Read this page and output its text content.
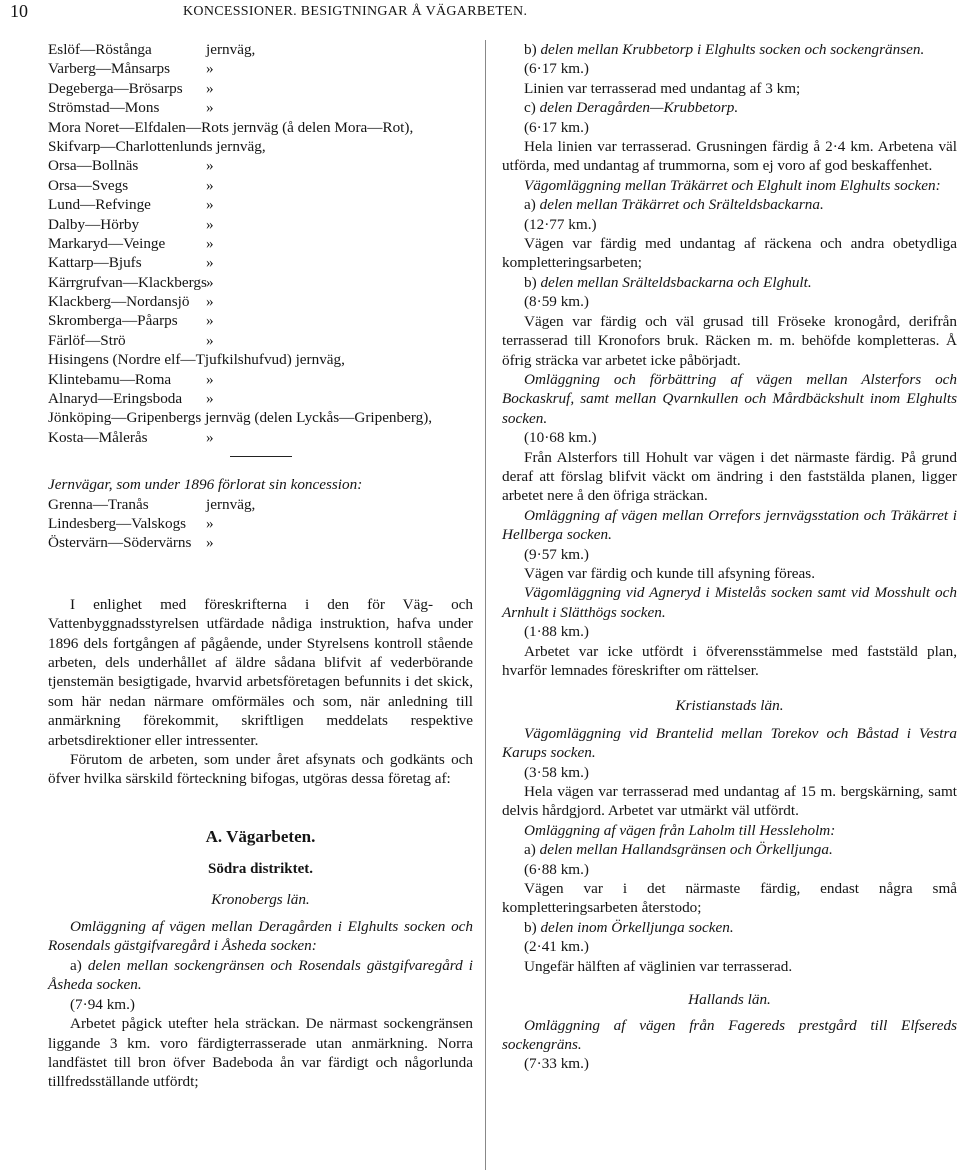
10	KONCESSIONER. BESIGTNINGAR Å VÄGARBETEN.
Eslöf—Röstånga	jernväg,
Varberg—Månsarps »
Degeberga—Brösarps »
Strömstad—Mons	»
Mora Noret—Elfdalen—Rots jernväg (å delen Mora—Rot),
Skifvarp—Charlottenlunds jernväg,
Orsa—Bollnäs	»
Orsa—Svegs	»
Lund—Refvinge	»
Dalby—Hörby	»
Markaryd—Veinge	»
Kattarp—Bjufs	»
Kärrgrufvan—Klackbergs»
Klackberg—Nordansjö »
Skromberga—Påarps »
Färlöf—Strö	»
Hisingens (Nordre elf—Tjufkilshufvud) jernväg,
Klintebamu—Roma »
Alnaryd—Eringsboda »
Jönköping—Gripenbergs jernväg (delen Lyckås—Gripenberg),
Kosta—Målerås	»

Jernvägar, som under 1896 förlorat sin koncession:

Grenna—Tranås	jernväg,
Lindesberg—Valskogs »
Östervärn—Södervärns »

I enlighet med föreskrifterna i den för Väg- och Vattenbyggnadsstyrelsen utfärdade nådiga instruktion, hafva under 1896 dels fortgången af pågående, under Styrelsens kontroll stående arbeten, dels underhållet af äldre sådana blifvit af vederbörande tjenstemän besigtigade, hvarvid arbetsföretagen befunnits i det skick, som här nedan närmare omförmäles och som, när anledning till anmärkning förekommit, skriftligen meddelats respektive arbetsdirektioner eller intressenter.

Förutom de arbeten, som under året afsynats och godkänts och öfver hvilka särskild förteckning bifogas, utgöras dessa företag af:

A. Vägarbeten.

Södra distriktet.

Kronobergs län.

Omläggning af vägen mellan Deragården i Elghults socken och Rosendals gästgifvaregård i Åsheda socken:

a) delen mellan sockengränsen och Rosendals gästgifvaregård i Åsheda socken.

(7·94 km.)

Arbetet pågick utefter hela sträckan. De närmast sockengränsen liggande 3 km. voro färdigterrasserade utan anmärkning. Norra landfästet till bron öfver Badeboda ån var färdigt och någorlunda tillfredsställande utfördt;

b) delen mellan Krubbetorp i Elghults socken och sockengränsen.

(6·17 km.)

Linien var terrasserad med undantag af 3 km;

c) delen Deragården—Krubbetorp.

(6·17 km.)

Hela linien var terrasserad. Grusningen färdig å 2·4 km. Arbetena väl utförda, med undantag af trummorna, som ej voro af god beskaffenhet.

Vägomläggning mellan Träkärret och Elghult inom Elghults socken:

a) delen mellan Träkärret och Srälteldsbackarna.

(12·77 km.)

Vägen var färdig med undantag af räckena och andra obetydliga kompletteringsarbeten;

b) delen mellan Srälteldsbackarna och Elghult.

(8·59 km.)

Vägen var färdig och väl grusad till Fröseke kronogård, derifrån terrasserad till Kronofors bruk. Räcken m. m. behöfde kompletteras. Å öfrig sträcka var arbetet icke påbörjadt.

Omläggning och förbättring af vägen mellan Alsterfors och Bockaskruf, samt mellan Qvarnkullen och Mårdbäckshult inom Elghults socken.

(10·68 km.)

Från Alsterfors till Hohult var vägen i det närmaste färdig. På grund deraf att förslag blifvit väckt om ändring i den faststälda planen, ligger arbetet nere å den öfriga sträckan.

Omläggning af vägen mellan Orrefors jernvägsstation och Träkärret i Hellberga socken.

(9·57 km.)

Vägen var färdig och kunde till afsyning föreas.

Vägomläggning vid Agneryd i Mistelås socken samt vid Mosshult och Arnhult i Slätthögs socken.

(1·88 km.)

Arbetet var icke utfördt i öfverensstämmelse med faststäld plan, hvarför lemnades föreskrifter om rättelser.

Kristianstads län.

Vägomläggning vid Brantelid mellan Torekov och Båstad i Vestra Karups socken.

(3·58 km.)

Hela vägen var terrasserad med undantag af 15 m. bergskärning, samt delvis hårdgjord. Arbetet var utmärkt väl utfördt.

Omläggning af vägen från Laholm till Hessleholm:

a) delen mellan Hallandsgränsen och Örkelljunga.

(6·88 km.)

Vägen var i det närmaste färdig, endast några små kompletteringsarbeten återstodo;

b) delen inom Örkelljunga socken.

(2·41 km.)

Ungefär hälften af väglinien var terrasserad.

Hallands län.

Omläggning af vägen från Fagereds prestgård till Elfsereds sockengräns.

(7·33 km.)
